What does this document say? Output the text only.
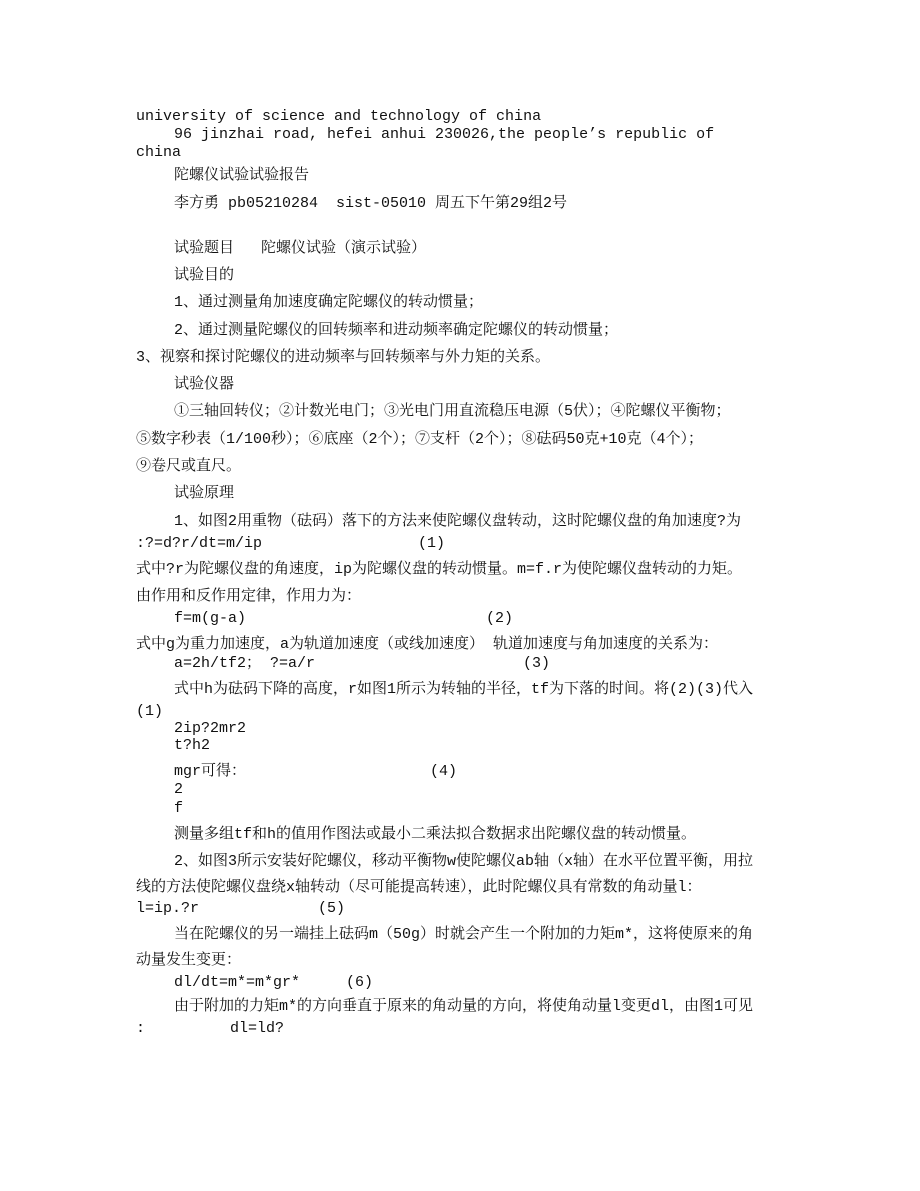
university of science and technology of china
96 jinzhai road, hefei anhui 230026,the people’s republic of
china
陀螺仪试验试验报告
李方勇 pb05210284  sist-05010 周五下午第29组2号
试验题目   陀螺仪试验（演示试验）
试验目的
1、通过测量角加速度确定陀螺仪的转动惯量；
2、通过测量陀螺仪的回转频率和进动频率确定陀螺仪的转动惯量；
3、视察和探讨陀螺仪的进动频率与回转频率与外力矩的关系。
试验仪器
①三轴回转仪；②计数光电门；③光电门用直流稳压电源（5伏）；④陀螺仪平衡物；
⑤数字秒表（1/100秒）；⑥底座（2个）；⑦支杆（2个）；⑧砝码50克+10克（4个）；
⑨卷尺或直尺。
试验原理
1、如图2用重物（砝码）落下的方法来使陀螺仪盘转动，这时陀螺仪盘的角加速度?为
:?=d?r/dt=m/ip	(1)
式中?r为陀螺仪盘的角速度，ip为陀螺仪盘的转动惯量。m=f.r为使陀螺仪盘转动的力矩。
由作用和反作用定律，作用力为：
f=m(g-a)	(2)
式中g为重力加速度，a为轨道加速度（或线加速度） 轨道加速度与角加速度的关系为：
a=2h/tf2； ?=a/r	(3)
式中h为砝码下降的高度，r如图1所示为转轴的半径，tf为下落的时间。将(2)(3)代入
(1)
2ip?2mr2
t?h2
mgr可得：	(4)
2
f
测量多组tf和h的值用作图法或最小二乘法拟合数据求出陀螺仪盘的转动惯量。
2、如图3所示安装好陀螺仪，移动平衡物w使陀螺仪ab轴（x轴）在水平位置平衡，用拉
线的方法使陀螺仪盘绕x轴转动（尽可能提高转速），此时陀螺仪具有常数的角动量l：
l=ip.?r	(5)
当在陀螺仪的另一端挂上砝码m（50g）时就会产生一个附加的力矩m*，这将使原来的角
动量发生变更：
dl/dt=m*=m*gr*	(6)
由于附加的力矩m*的方向垂直于原来的角动量的方向，将使角动量l变更dl，由图1可见
:	dl=ld?
